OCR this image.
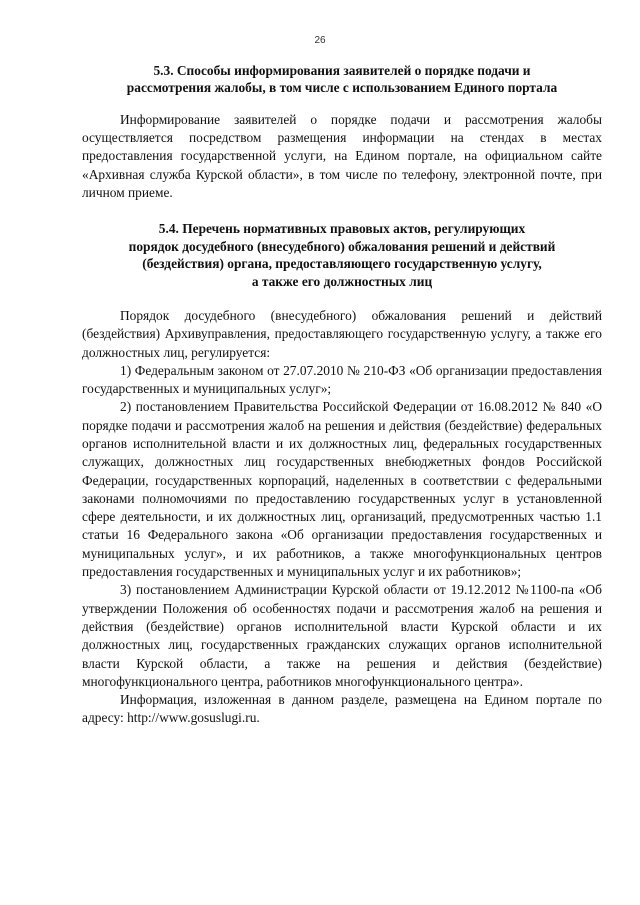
26

5.3. Способы информирования заявителей о порядке подачи и

рассмотрения жалобы, в том числе с использованием Единого портала

Информирование заявителей о порядке подачи и рассмотрения жалобы осуществляется посредством размещения информации на стендах в местах предоставления государственной услуги, на Едином портале, на официальном сайте «Архивная служба Курской области», в том числе по телефону, электронной почте, при личном приеме.

5.4. Перечень нормативных правовых актов, регулирующих

порядок досудебного (внесудебного) обжалования решений и действий

(бездействия) органа, предоставляющего государственную услугу,

а также его должностных лиц

Порядок досудебного (внесудебного) обжалования решений и действий (бездействия) Архивуправления, предоставляющего государственную услугу, а также его должностных лиц, регулируется:

1) Федеральным законом от 27.07.2010 № 210-ФЗ «Об организации предоставления государственных и муниципальных услуг»;

2) постановлением Правительства Российской Федерации от 16.08.2012 № 840 «О порядке подачи и рассмотрения жалоб на решения и действия (бездействие) федеральных органов исполнительной власти и их должностных лиц, федеральных государственных служащих, должностных лиц государственных внебюджетных фондов Российской Федерации, государственных корпораций, наделенных в соответствии с федеральными законами полномочиями по предоставлению государственных услуг в установленной сфере деятельности, и их должностных лиц, организаций, предусмотренных частью 1.1 статьи 16 Федерального закона «Об организации предоставления государственных и муниципальных услуг», и их работников, а также многофункциональных центров предоставления государственных и муниципальных услуг и их работников»;

3) постановлением Администрации Курской области от 19.12.2012 №1100-па «Об утверждении Положения об особенностях подачи и рассмотрения жалоб на решения и действия (бездействие) органов исполнительной власти Курской области и их должностных лиц, государственных гражданских служащих органов исполнительной власти Курской области, а также на решения и действия (бездействие) многофункционального центра, работников многофункционального центра».

Информация, изложенная в данном разделе, размещена на Едином портале по адресу: http://www.gosuslugi.ru.
